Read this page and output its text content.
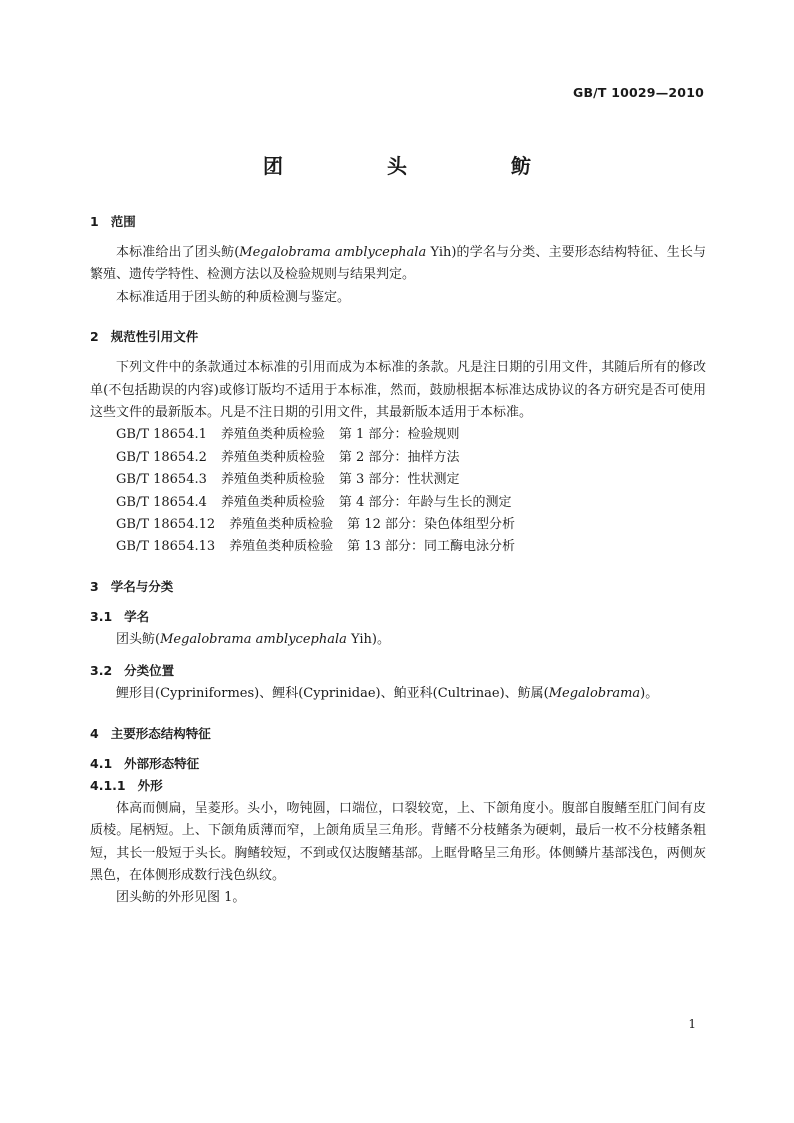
GB/T 10029—2010
团　头　鲂
1 范围

本标准给出了团头鲂(Megalobrama amblycephala Yih)的学名与分类、主要形态结构特征、生长与繁殖、遗传学特性、检测方法以及检验规则与结果判定。

本标准适用于团头鲂的种质检测与鉴定。

2 规范性引用文件

下列文件中的条款通过本标准的引用而成为本标准的条款。凡是注日期的引用文件，其随后所有的修改单(不包括勘误的内容)或修订版均不适用于本标准，然而，鼓励根据本标准达成协议的各方研究是否可使用这些文件的最新版本。凡是不注日期的引用文件，其最新版本适用于本标准。

GB/T 18654.1 养殖鱼类种质检验 第 1 部分：检验规则

GB/T 18654.2 养殖鱼类种质检验 第 2 部分：抽样方法

GB/T 18654.3 养殖鱼类种质检验 第 3 部分：性状测定

GB/T 18654.4 养殖鱼类种质检验 第 4 部分：年龄与生长的测定

GB/T 18654.12 养殖鱼类种质检验 第 12 部分：染色体组型分析

GB/T 18654.13 养殖鱼类种质检验 第 13 部分：同工酶电泳分析

3 学名与分类
3.1 学名

团头鲂(Megalobrama amblycephala Yih)。

3.2 分类位置

鲤形目(Cypriniformes)、鲤科(Cyprinidae)、鲌亚科(Cultrinae)、鲂属(Megalobrama)。

4 主要形态结构特征
4.1 外部形态特征
4.1.1 外形

体高而侧扁，呈菱形。头小，吻钝圆，口端位，口裂较宽，上、下颌角度小。腹部自腹鳍至肛门间有皮质棱。尾柄短。上、下颌角质薄而窄，上颌角质呈三角形。背鳍不分枝鳍条为硬刺，最后一枚不分枝鳍条粗短，其长一般短于头长。胸鳍较短，不到或仅达腹鳍基部。上眶骨略呈三角形。体侧鳞片基部浅色，两侧灰黑色，在体侧形成数行浅色纵纹。

团头鲂的外形见图 1。

1
